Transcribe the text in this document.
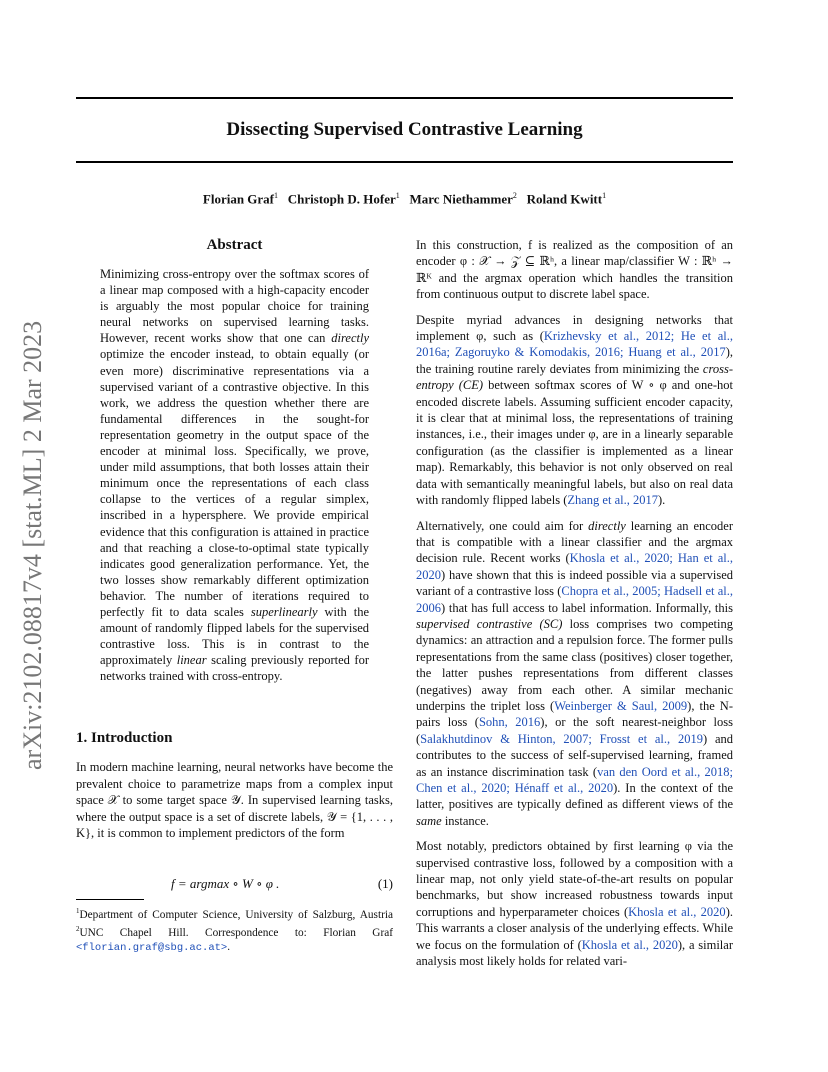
Dissecting Supervised Contrastive Learning
Florian Graf$^1$ Christoph D. Hofer$^1$ Marc Niethammer$^2$ Roland Kwitt$^1$
arXiv:2102.08817v4 [stat.ML] 2 Mar 2023
Abstract
Minimizing cross-entropy over the softmax scores of a linear map composed with a high-capacity encoder is arguably the most popular choice for training neural networks on supervised learning tasks. However, recent works show that one can directly optimize the encoder instead, to obtain equally (or even more) discriminative representations via a supervised variant of a contrastive objective. In this work, we address the question whether there are fundamental differences in the sought-for representation geometry in the output space of the encoder at minimal loss. Specifically, we prove, under mild assumptions, that both losses attain their minimum once the representations of each class collapse to the vertices of a regular simplex, inscribed in a hypersphere. We provide empirical evidence that this configuration is attained in practice and that reaching a close-to-optimal state typically indicates good generalization performance. Yet, the two losses show remarkably different optimization behavior. The number of iterations required to perfectly fit to data scales superlinearly with the amount of randomly flipped labels for the supervised contrastive loss. This is in contrast to the approximately linear scaling previously reported for networks trained with cross-entropy.
1. Introduction

In modern machine learning, neural networks have become the prevalent choice to parametrize maps from a complex input space 𝒳 to some target space 𝒴. In supervised learning tasks, where the output space is a set of discrete labels, 𝒴 = {1, . . . , K}, it is common to implement predictors of the form

f = argmax ∘ W ∘ φ .	(1)
$^1$Department of Computer Science, University of Salzburg, Austria $^2$UNC Chapel Hill. Correspondence to: Florian Graf <florian.graf@sbg.ac.at>.

In this construction, f is realized as the composition of an encoder φ : 𝒳 → 𝒵 ⊆ ℝʰ, a linear map/classifier W : ℝʰ → ℝᴷ and the argmax operation which handles the transition from continuous output to discrete label space.

Despite myriad advances in designing networks that implement φ, such as (Krizhevsky et al., 2012; He et al., 2016a; Zagoruyko & Komodakis, 2016; Huang et al., 2017), the training routine rarely deviates from minimizing the cross-entropy (CE) between softmax scores of W ∘ φ and one-hot encoded discrete labels. Assuming sufficient encoder capacity, it is clear that at minimal loss, the representations of training instances, i.e., their images under φ, are in a linearly separable configuration (as the classifier is implemented as a linear map). Remarkably, this behavior is not only observed on real data with semantically meaningful labels, but also on real data with randomly flipped labels (Zhang et al., 2017).

Alternatively, one could aim for directly learning an encoder that is compatible with a linear classifier and the argmax decision rule. Recent works (Khosla et al., 2020; Han et al., 2020) have shown that this is indeed possible via a supervised variant of a contrastive loss (Chopra et al., 2005; Hadsell et al., 2006) that has full access to label information. Informally, this supervised contrastive (SC) loss comprises two competing dynamics: an attraction and a repulsion force. The former pulls representations from the same class (positives) closer together, the latter pushes representations from different classes (negatives) away from each other. A similar mechanic underpins the triplet loss (Weinberger & Saul, 2009), the N-pairs loss (Sohn, 2016), or the soft nearest-neighbor loss (Salakhutdinov & Hinton, 2007; Frosst et al., 2019) and contributes to the success of self-supervised learning, framed as an instance discrimination task (van den Oord et al., 2018; Chen et al., 2020; Hénaff et al., 2020). In the context of the latter, positives are typically defined as different views of the same instance.

Most notably, predictors obtained by first learning φ via the supervised contrastive loss, followed by a composition with a linear map, not only yield state-of-the-art results on popular benchmarks, but show increased robustness towards input corruptions and hyperparameter choices (Khosla et al., 2020). This warrants a closer analysis of the underlying effects. While we focus on the formulation of (Khosla et al., 2020), a similar analysis most likely holds for related vari-
